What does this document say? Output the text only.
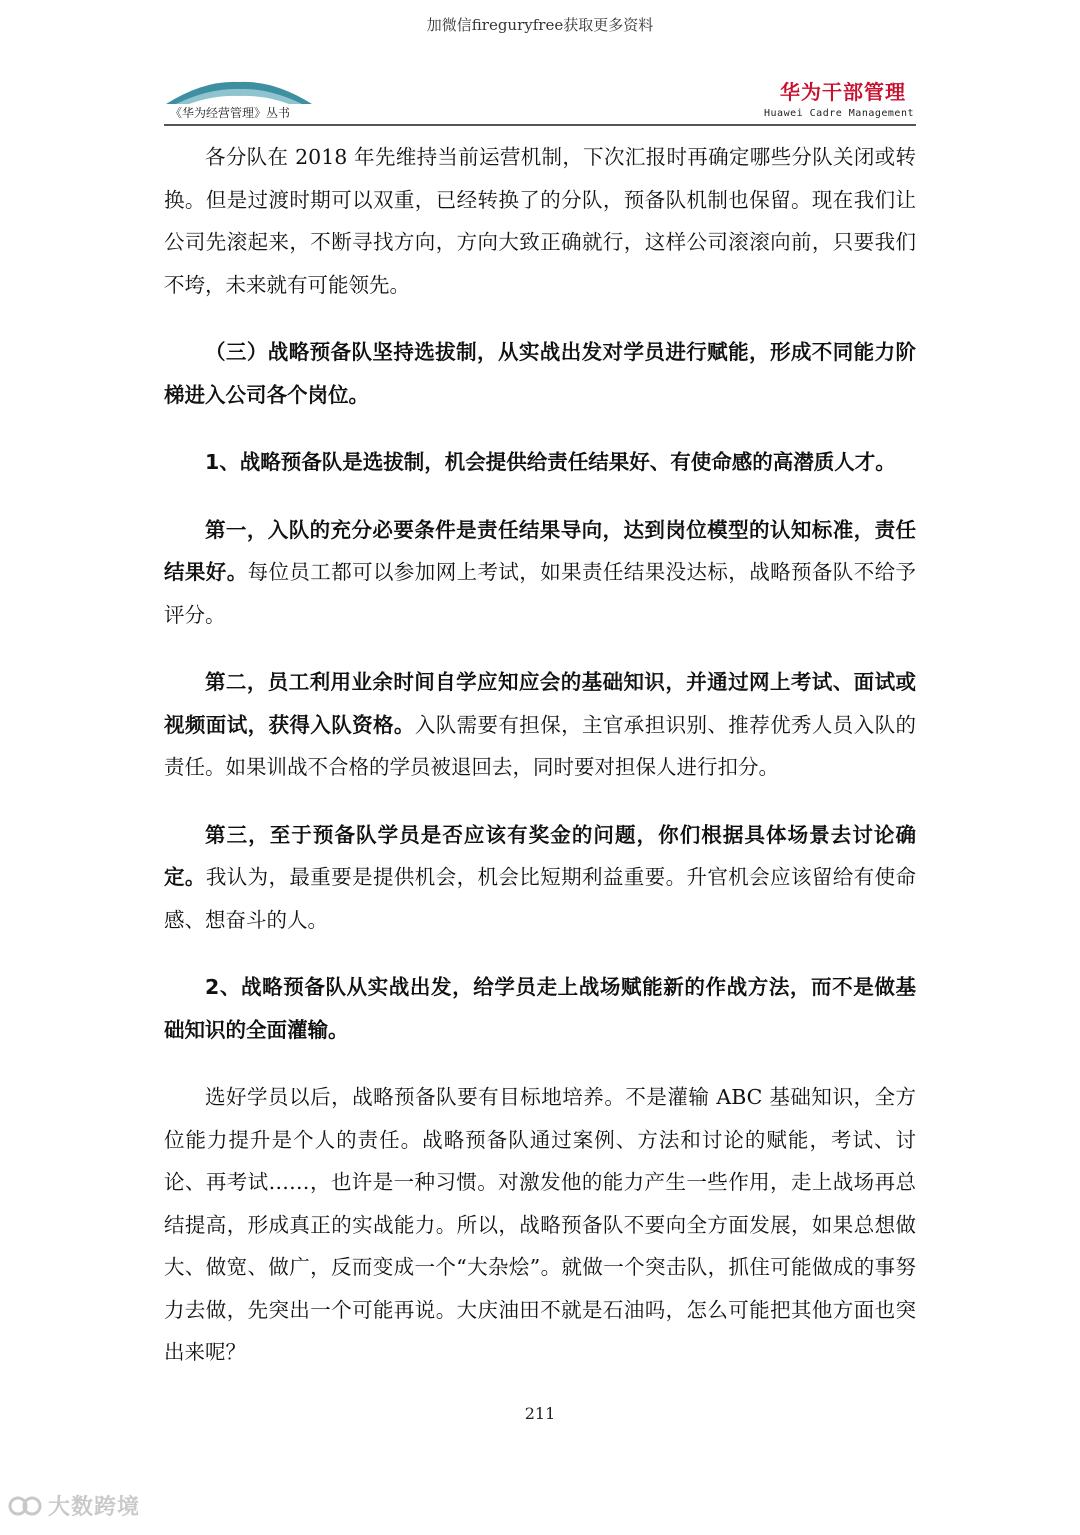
加微信fireguryfree获取更多资料
《华为经营管理》丛书
华为干部管理
Huawei Cadre Management

各分队在 2018 年先维持当前运营机制，下次汇报时再确定哪些分队关闭或转换。但是过渡时期可以双重，已经转换了的分队，预备队机制也保留。现在我们让公司先滚起来，不断寻找方向，方向大致正确就行，这样公司滚滚向前，只要我们不垮，未来就有可能领先。

（三）战略预备队坚持选拔制，从实战出发对学员进行赋能，形成不同能力阶梯进入公司各个岗位。

1、战略预备队是选拔制，机会提供给责任结果好、有使命感的高潜质人才。

第一，入队的充分必要条件是责任结果导向，达到岗位模型的认知标准，责任结果好。每位员工都可以参加网上考试，如果责任结果没达标，战略预备队不给予评分。

第二，员工利用业余时间自学应知应会的基础知识，并通过网上考试、面试或视频面试，获得入队资格。入队需要有担保，主官承担识别、推荐优秀人员入队的责任。如果训战不合格的学员被退回去，同时要对担保人进行扣分。

第三，至于预备队学员是否应该有奖金的问题，你们根据具体场景去讨论确定。我认为，最重要是提供机会，机会比短期利益重要。升官机会应该留给有使命感、想奋斗的人。

2、战略预备队从实战出发，给学员走上战场赋能新的作战方法，而不是做基础知识的全面灌输。

选好学员以后，战略预备队要有目标地培养。不是灌输 ABC 基础知识，全方位能力提升是个人的责任。战略预备队通过案例、方法和讨论的赋能，考试、讨论、再考试……，也许是一种习惯。对激发他的能力产生一些作用，走上战场再总结提高，形成真正的实战能力。所以，战略预备队不要向全方面发展，如果总想做大、做宽、做广，反而变成一个“大杂烩”。就做一个突击队，抓住可能做成的事努力去做，先突出一个可能再说。大庆油田不就是石油吗，怎么可能把其他方面也突出来呢？

211
大数跨境
